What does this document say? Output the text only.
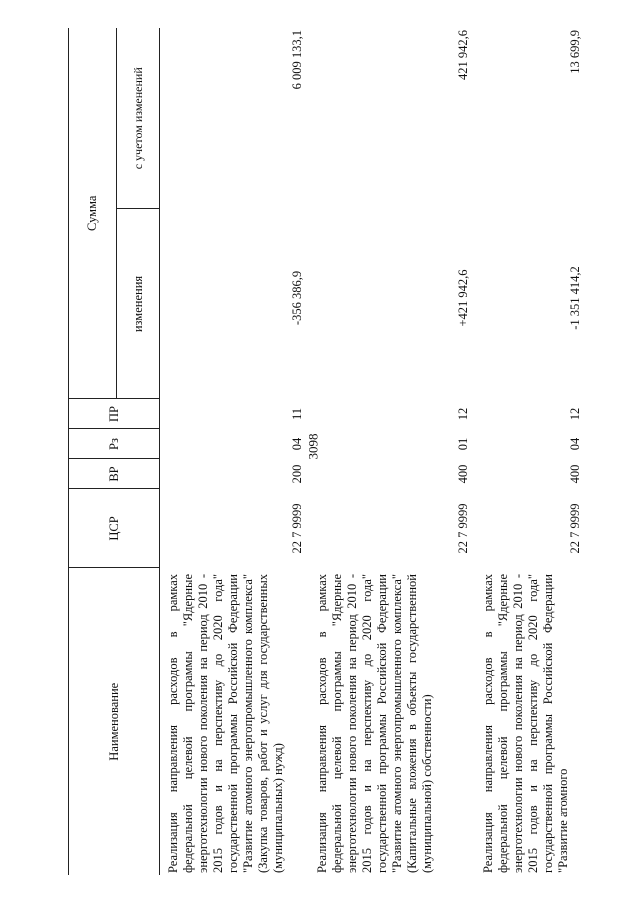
3098
Наименование	ЦСР	ВР	Рз	ПР	Сумма	
					изменения	с учетом изменений
Реализация направления расходов в рамках федеральной целевой программы "Ядерные энерготехнологии нового поколения на период 2010 - 2015 годов и на перспективу до 2020 года" государственной программы Российской Федерации "Развитие атомного энергопромышленного комплекса" (Закупка товаров, работ и услуг для государственных (муниципальных) нужд)	22 7 9999	200	04	11	-356 386,9	6 009 133,1
Реализация направления расходов в рамках федеральной целевой программы "Ядерные энерготехнологии нового поколения на период 2010 - 2015 годов и на перспективу до 2020 года" государственной программы Российской Федерации "Развитие атомного энергопромышленного комплекса" (Капитальные вложения в объекты государственной (муниципальной) собственности)	22 7 9999	400	01	12	+421 942,6	421 942,6
Реализация направления расходов в рамках федеральной целевой программы "Ядерные энерготехнологии нового поколения на период 2010 - 2015 годов и на перспективу до 2020 года" государственной программы Российской Федерации "Развитие атомного	22 7 9999	400	04	12	-1 351 414,2	13 699,9
